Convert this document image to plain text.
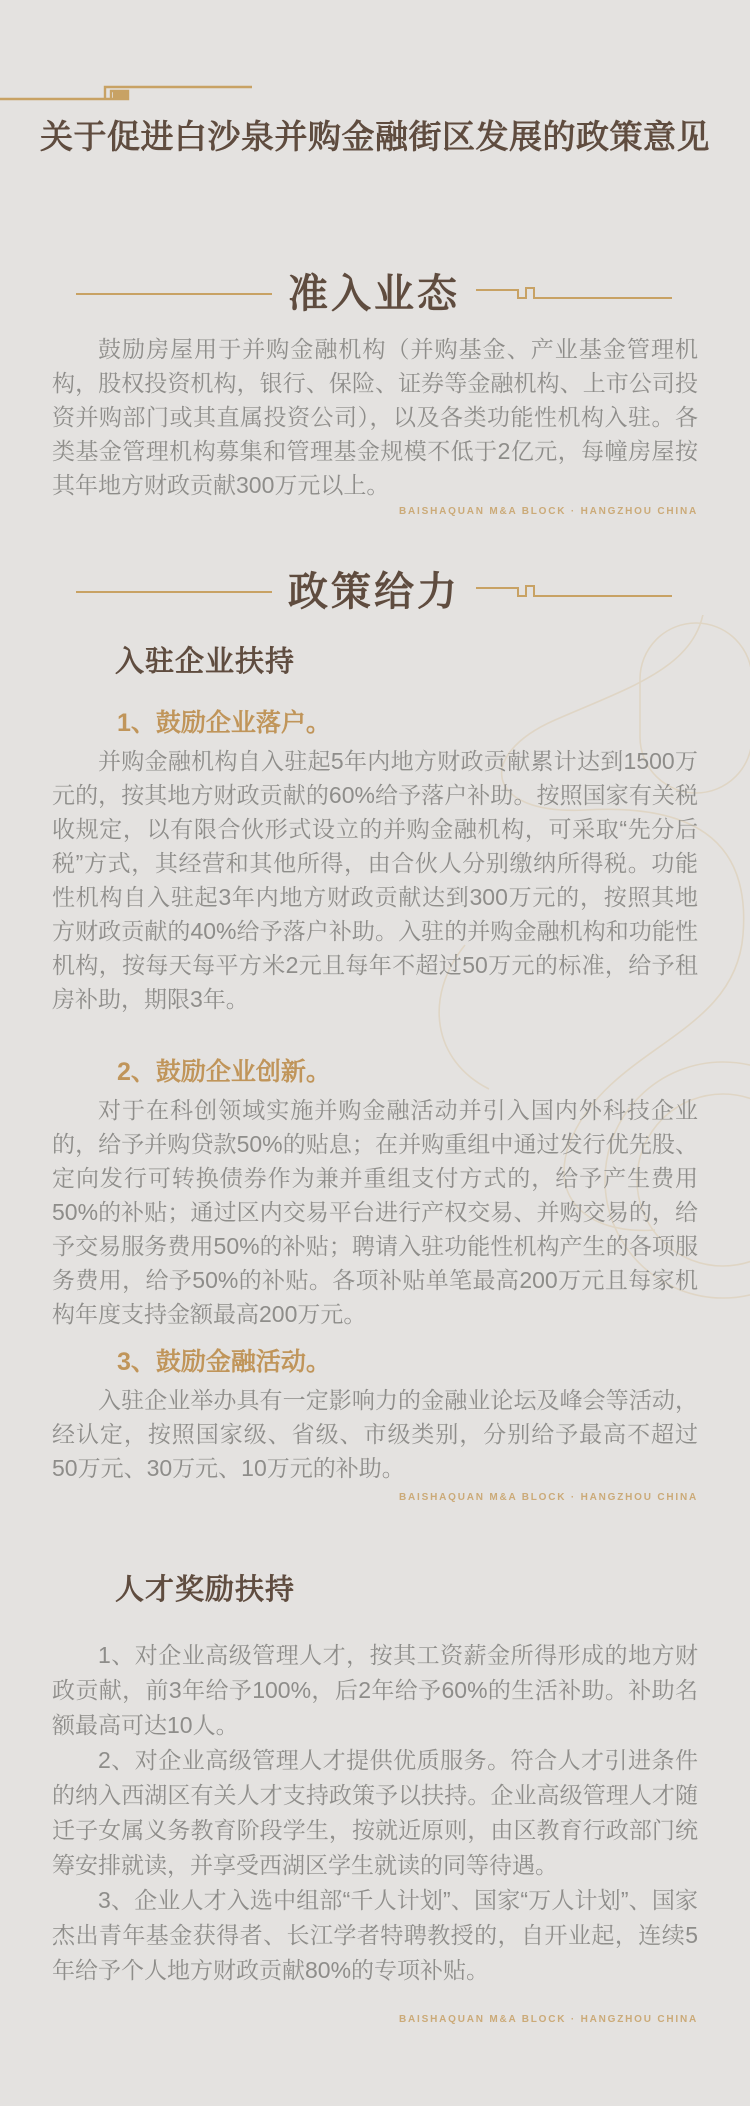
关于促进白沙泉并购金融街区发展的政策意见
准入业态

鼓励房屋用于并购金融机构（并购基金、产业基金管理机构，股权投资机构，银行、保险、证券等金融机构、上市公司投资并购部门或其直属投资公司），以及各类功能性机构入驻。各类基金管理机构募集和管理基金规模不低于2亿元，每幢房屋按其年地方财政贡献300万元以上。

BAISHAQUAN M&A BLOCK · HANGZHOU CHINA
政策给力
入驻企业扶持
1、鼓励企业落户。

并购金融机构自入驻起5年内地方财政贡献累计达到1500万元的，按其地方财政贡献的60%给予落户补助。按照国家有关税收规定，以有限合伙形式设立的并购金融机构，可采取“先分后税”方式，其经营和其他所得，由合伙人分别缴纳所得税。功能性机构自入驻起3年内地方财政贡献达到300万元的，按照其地方财政贡献的40%给予落户补助。入驻的并购金融机构和功能性机构，按每天每平方米2元且每年不超过50万元的标准，给予租房补助，期限3年。

2、鼓励企业创新。

对于在科创领域实施并购金融活动并引入国内外科技企业的，给予并购贷款50%的贴息；在并购重组中通过发行优先股、定向发行可转换债券作为兼并重组支付方式的，给予产生费用50%的补贴；通过区内交易平台进行产权交易、并购交易的，给予交易服务费用50%的补贴；聘请入驻功能性机构产生的各项服务费用，给予50%的补贴。各项补贴单笔最高200万元且每家机构年度支持金额最高200万元。

3、鼓励金融活动。

入驻企业举办具有一定影响力的金融业论坛及峰会等活动，经认定，按照国家级、省级、市级类别，分别给予最高不超过50万元、30万元、10万元的补助。

BAISHAQUAN M&A BLOCK · HANGZHOU CHINA
人才奖励扶持

1、对企业高级管理人才，按其工资薪金所得形成的地方财政贡献，前3年给予100%，后2年给予60%的生活补助。补助名额最高可达10人。

2、对企业高级管理人才提供优质服务。符合人才引进条件的纳入西湖区有关人才支持政策予以扶持。企业高级管理人才随迁子女属义务教育阶段学生，按就近原则，由区教育行政部门统筹安排就读，并享受西湖区学生就读的同等待遇。

3、企业人才入选中组部“千人计划”、国家“万人计划”、国家杰出青年基金获得者、长江学者特聘教授的，自开业起，连续5年给予个人地方财政贡献80%的专项补贴。

BAISHAQUAN M&A BLOCK · HANGZHOU CHINA
